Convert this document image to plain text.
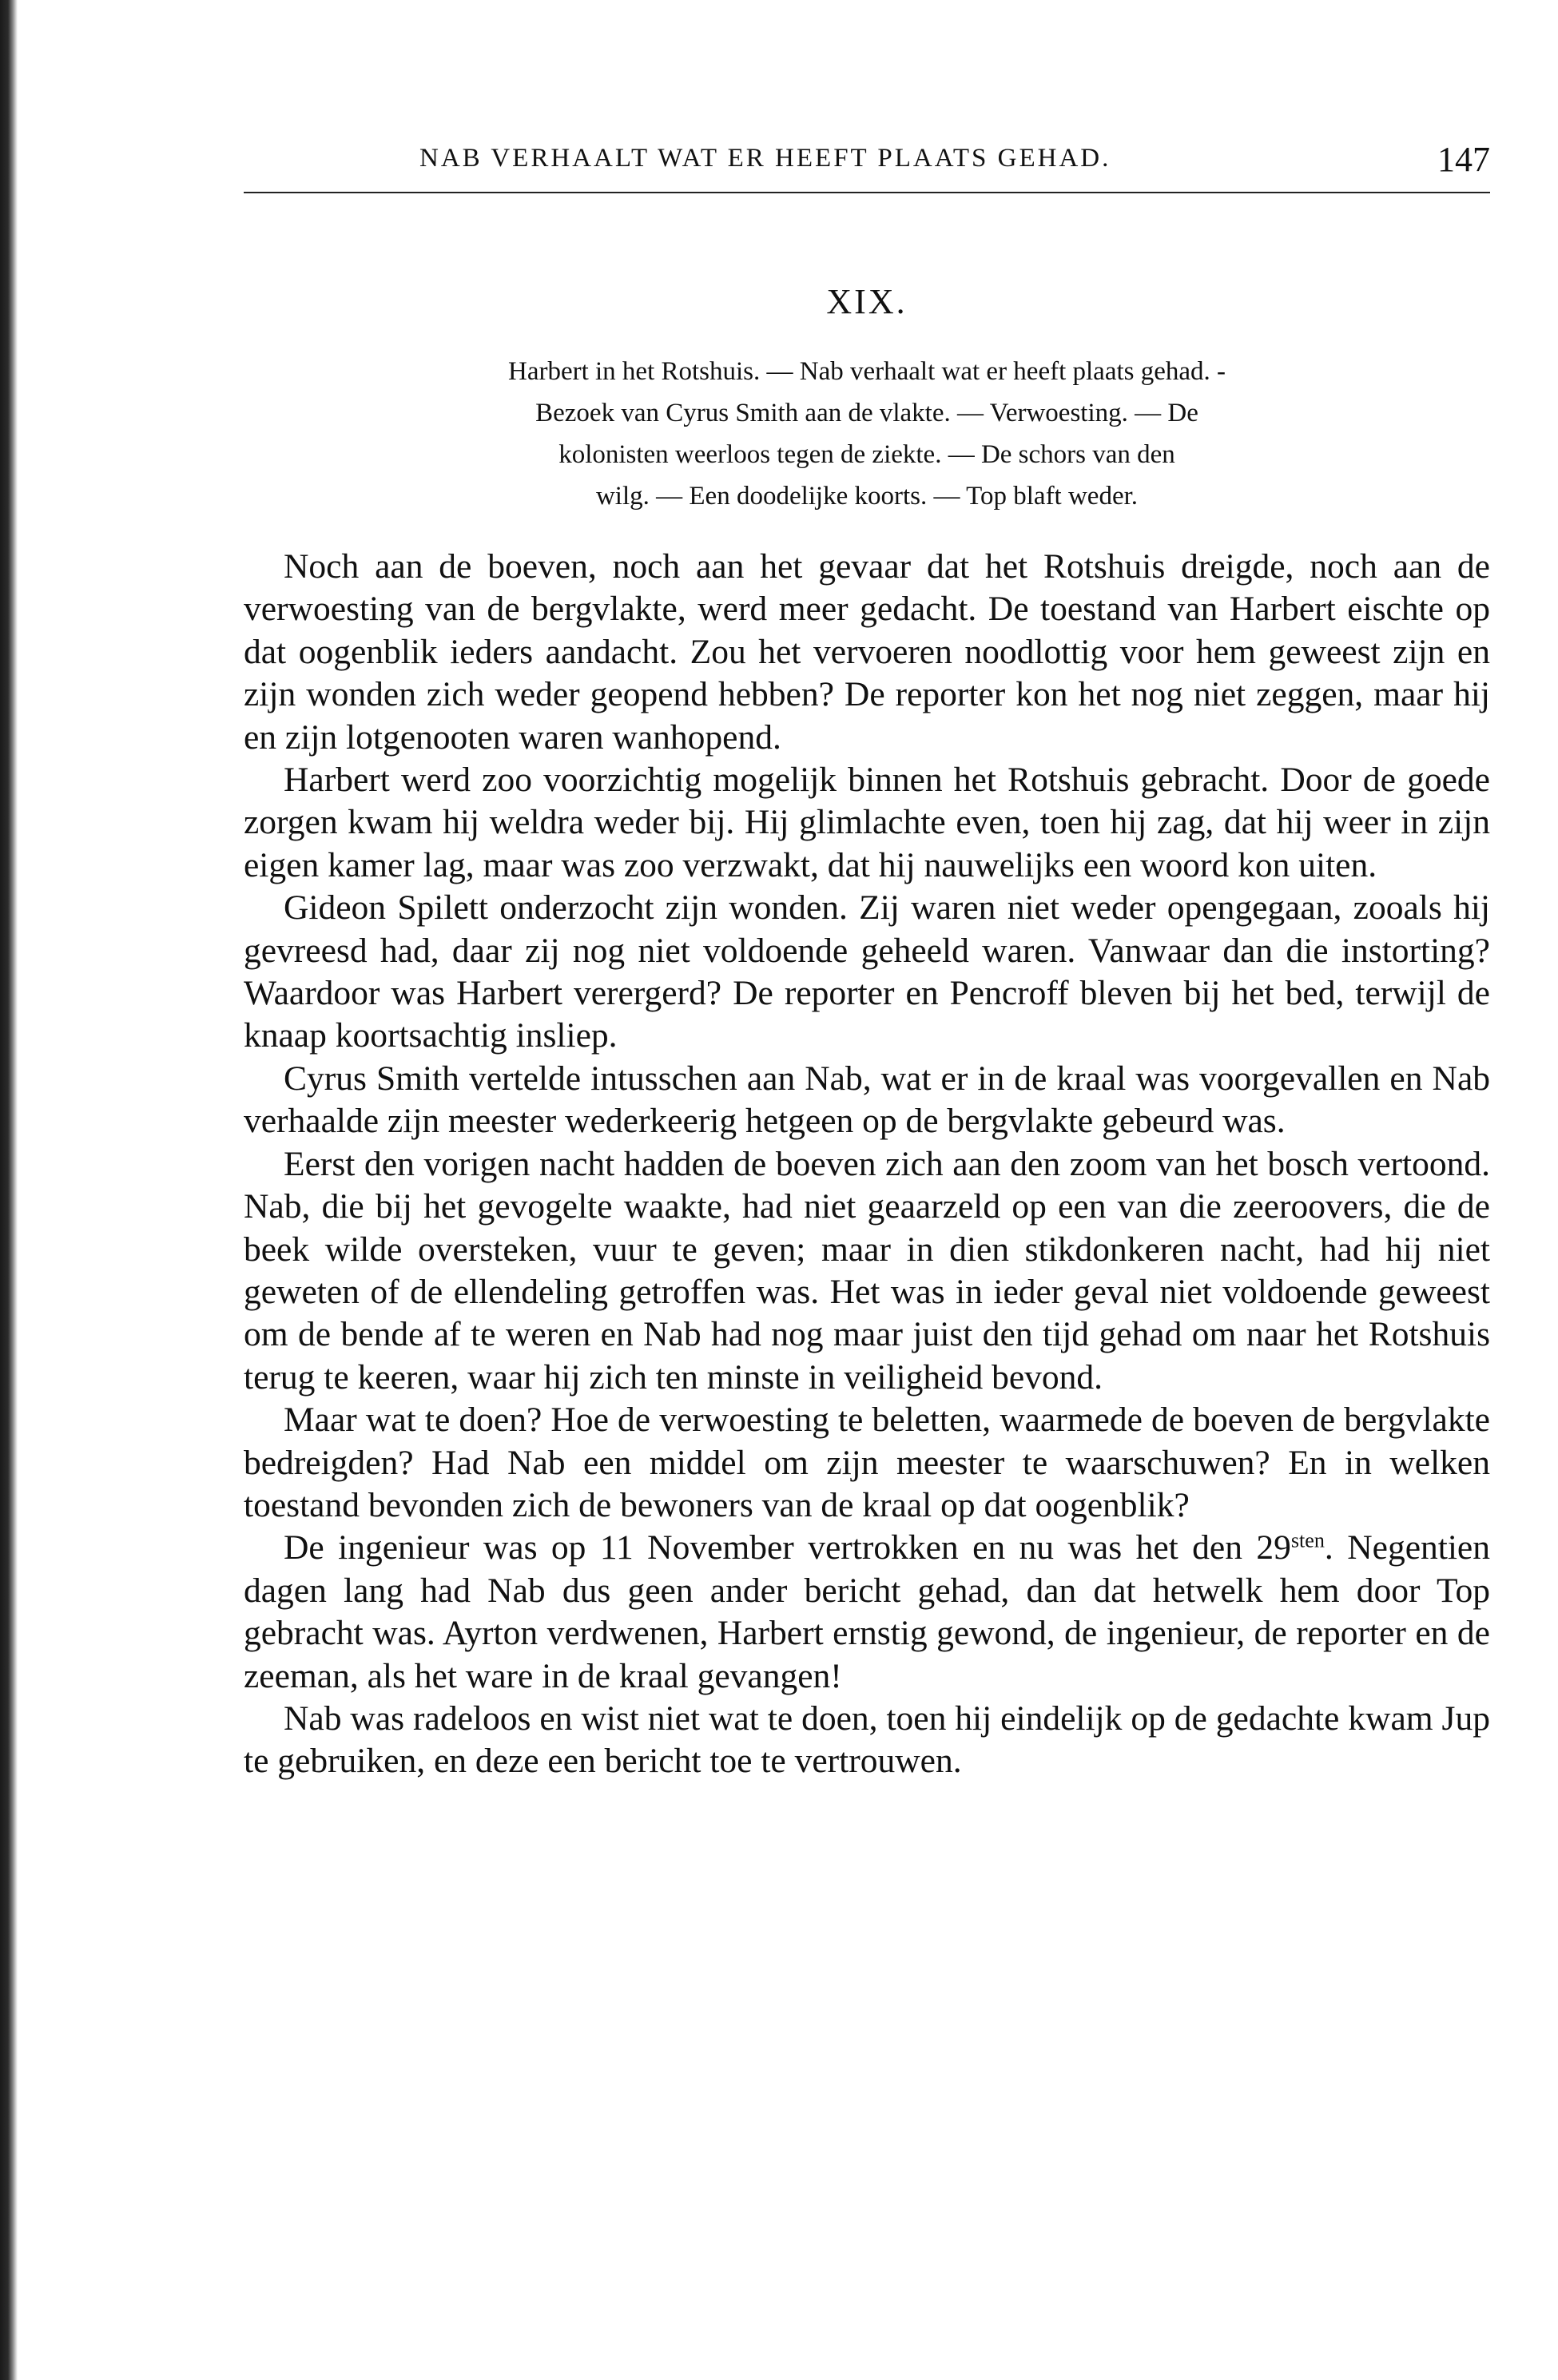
NAB VERHAALT WAT ER HEEFT PLAATS GEHAD.	147
XIX.

Harbert in het Rotshuis. — Nab verhaalt wat er heeft plaats gehad. -

Bezoek van Cyrus Smith aan de vlakte. — Verwoesting. — De

kolonisten weerloos tegen de ziekte. — De schors van den

wilg. — Een doodelijke koorts. — Top blaft weder.

Noch aan de boeven, noch aan het gevaar dat het Rotshuis dreigde, noch aan de verwoesting van de bergvlakte, werd meer gedacht. De toestand van Harbert eischte op dat oogenblik ieders aandacht. Zou het vervoeren noodlottig voor hem geweest zijn en zijn wonden zich weder geopend hebben? De reporter kon het nog niet zeggen, maar hij en zijn lotgenooten waren wanhopend.

Harbert werd zoo voorzichtig mogelijk binnen het Rotshuis gebracht. Door de goede zorgen kwam hij weldra weder bij. Hij glimlachte even, toen hij zag, dat hij weer in zijn eigen kamer lag, maar was zoo verzwakt, dat hij nauwelijks een woord kon uiten.

Gideon Spilett onderzocht zijn wonden. Zij waren niet weder opengegaan, zooals hij gevreesd had, daar zij nog niet voldoende geheeld waren. Vanwaar dan die instorting? Waardoor was Harbert verergerd? De reporter en Pencroff bleven bij het bed, terwijl de knaap koortsachtig insliep.

Cyrus Smith vertelde intusschen aan Nab, wat er in de kraal was voorgevallen en Nab verhaalde zijn meester wederkeerig hetgeen op de bergvlakte gebeurd was.

Eerst den vorigen nacht hadden de boeven zich aan den zoom van het bosch vertoond. Nab, die bij het gevogelte waakte, had niet geaarzeld op een van die zeeroovers, die de beek wilde oversteken, vuur te geven; maar in dien stikdonkeren nacht, had hij niet geweten of de ellendeling getroffen was. Het was in ieder geval niet voldoende geweest om de bende af te weren en Nab had nog maar juist den tijd gehad om naar het Rotshuis terug te keeren, waar hij zich ten minste in veiligheid bevond.

Maar wat te doen? Hoe de verwoesting te beletten, waarmede de boeven de bergvlakte bedreigden? Had Nab een middel om zijn meester te waarschuwen? En in welken toestand bevonden zich de bewoners van de kraal op dat oogenblik?

De ingenieur was op 11 November vertrokken en nu was het den $29^{sten}$. Negentien dagen lang had Nab dus geen ander bericht gehad, dan dat hetwelk hem door Top gebracht was. Ayrton verdwenen, Harbert ernstig gewond, de ingenieur, de reporter en de zeeman, als het ware in de kraal gevangen!

Nab was radeloos en wist niet wat te doen, toen hij eindelijk op de gedachte kwam Jup te gebruiken, en deze een bericht toe te vertrouwen.
